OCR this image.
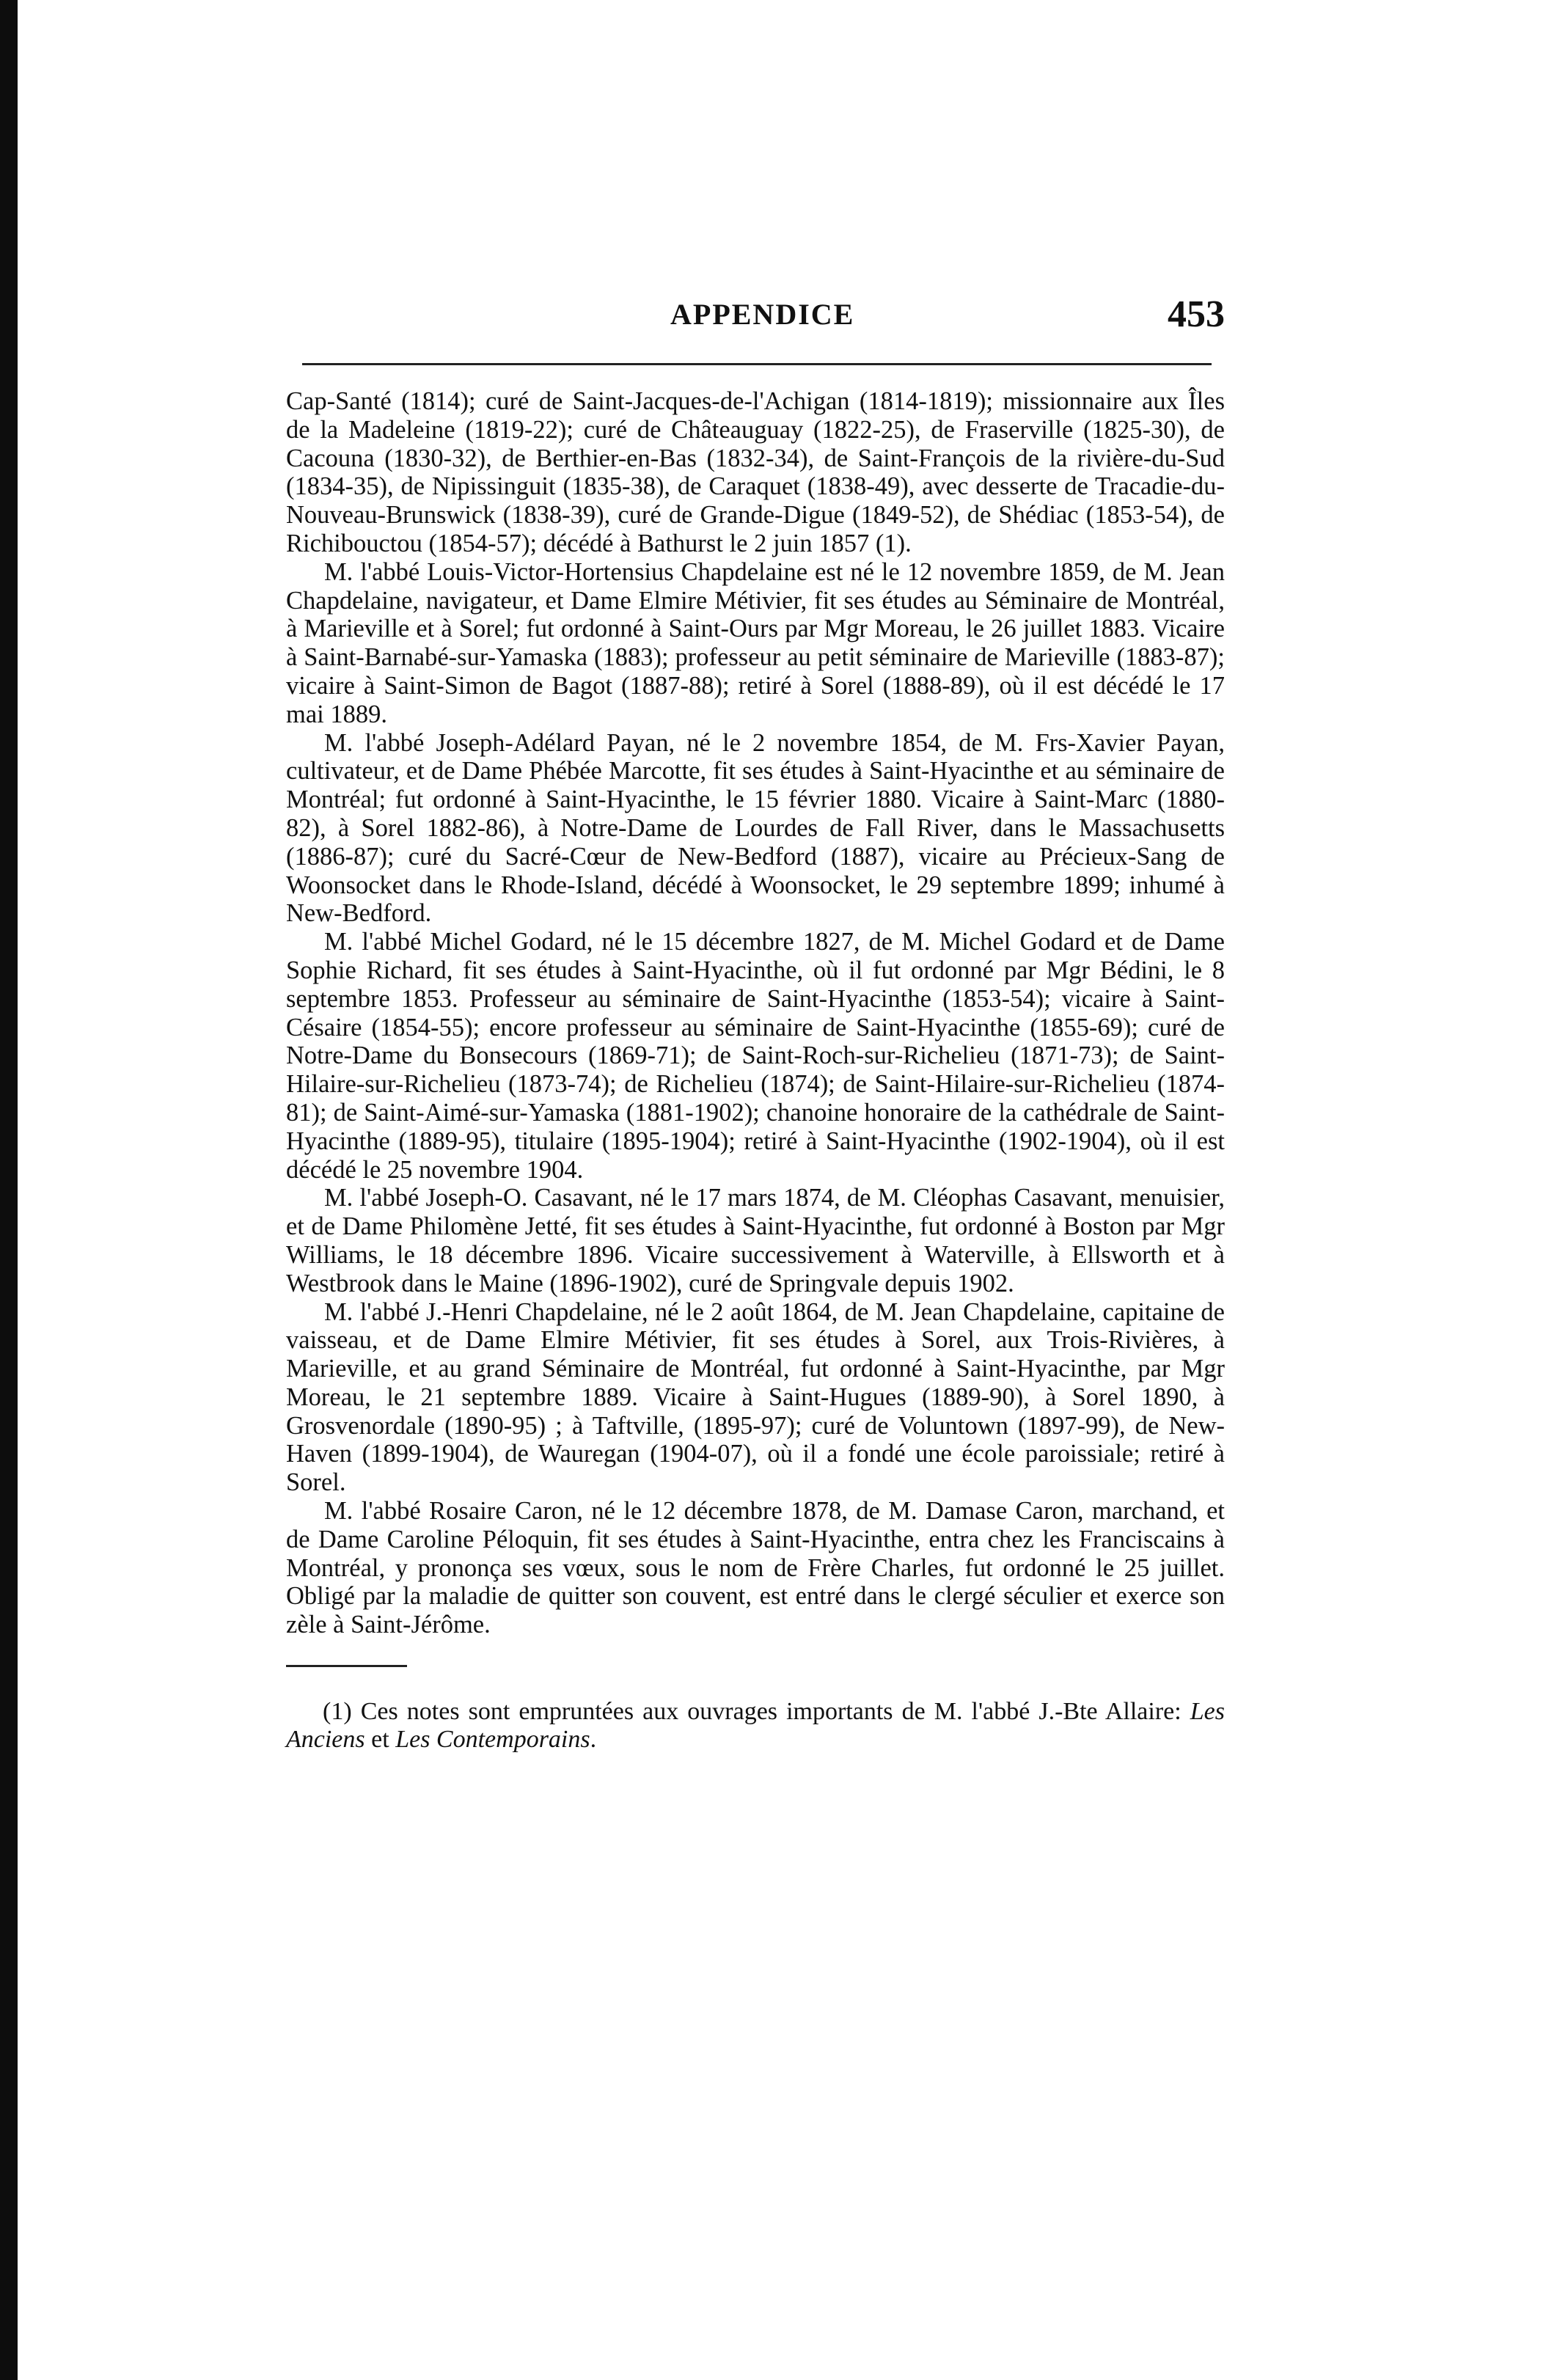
APPENDICE	453

Cap-Santé (1814); curé de Saint-Jacques-de-l'Achigan (1814-1819); missionnaire aux Îles de la Madeleine (1819-22); curé de Châteauguay (1822-25), de Fraserville (1825-30), de Cacouna (1830-32), de Berthier-en-Bas (1832-34), de Saint-François de la rivière-du-Sud (1834-35), de Nipissinguit (1835-38), de Caraquet (1838-49), avec desserte de Tracadie-du-Nouveau-Brunswick (1838-39), curé de Grande-Digue (1849-52), de Shédiac (1853-54), de Richibouctou (1854-57); décédé à Bathurst le 2 juin 1857 (1).

M. l'abbé Louis-Victor-Hortensius Chapdelaine est né le 12 novembre 1859, de M. Jean Chapdelaine, navigateur, et Dame Elmire Métivier, fit ses études au Séminaire de Montréal, à Marieville et à Sorel; fut ordonné à Saint-Ours par Mgr Moreau, le 26 juillet 1883. Vicaire à Saint-Barnabé-sur-Yamaska (1883); professeur au petit séminaire de Marieville (1883-87); vicaire à Saint-Simon de Bagot (1887-88); retiré à Sorel (1888-89), où il est décédé le 17 mai 1889.

M. l'abbé Joseph-Adélard Payan, né le 2 novembre 1854, de M. Frs-Xavier Payan, cultivateur, et de Dame Phébée Marcotte, fit ses études à Saint-Hyacinthe et au séminaire de Montréal; fut ordonné à Saint-Hyacinthe, le 15 février 1880. Vicaire à Saint-Marc (1880-82), à Sorel 1882-86), à Notre-Dame de Lourdes de Fall River, dans le Massachusetts (1886-87); curé du Sacré-Cœur de New-Bedford (1887), vicaire au Précieux-Sang de Woonsocket dans le Rhode-Island, décédé à Woonsocket, le 29 septembre 1899; inhumé à New-Bedford.

M. l'abbé Michel Godard, né le 15 décembre 1827, de M. Michel Godard et de Dame Sophie Richard, fit ses études à Saint-Hyacinthe, où il fut ordonné par Mgr Bédini, le 8 septembre 1853. Professeur au séminaire de Saint-Hyacinthe (1853-54); vicaire à Saint-Césaire (1854-55); encore professeur au séminaire de Saint-Hyacinthe (1855-69); curé de Notre-Dame du Bonsecours (1869-71); de Saint-Roch-sur-Richelieu (1871-73); de Saint-Hilaire-sur-Richelieu (1873-74); de Richelieu (1874); de Saint-Hilaire-sur-Richelieu (1874-81); de Saint-Aimé-sur-Yamaska (1881-1902); chanoine honoraire de la cathédrale de Saint-Hyacinthe (1889-95), titulaire (1895-1904); retiré à Saint-Hyacinthe (1902-1904), où il est décédé le 25 novembre 1904.

M. l'abbé Joseph-O. Casavant, né le 17 mars 1874, de M. Cléophas Casavant, menuisier, et de Dame Philomène Jetté, fit ses études à Saint-Hyacinthe, fut ordonné à Boston par Mgr Williams, le 18 décembre 1896. Vicaire successivement à Waterville, à Ellsworth et à Westbrook dans le Maine (1896-1902), curé de Springvale depuis 1902.

M. l'abbé J.-Henri Chapdelaine, né le 2 août 1864, de M. Jean Chapdelaine, capitaine de vaisseau, et de Dame Elmire Métivier, fit ses études à Sorel, aux Trois-Rivières, à Marieville, et au grand Séminaire de Montréal, fut ordonné à Saint-Hyacinthe, par Mgr Moreau, le 21 septembre 1889. Vicaire à Saint-Hugues (1889-90), à Sorel 1890, à Grosvenordale (1890-95) ; à Taftville, (1895-97); curé de Voluntown (1897-99), de New-Haven (1899-1904), de Wauregan (1904-07), où il a fondé une école paroissiale; retiré à Sorel.

M. l'abbé Rosaire Caron, né le 12 décembre 1878, de M. Damase Caron, marchand, et de Dame Caroline Péloquin, fit ses études à Saint-Hyacinthe, entra chez les Franciscains à Montréal, y prononça ses vœux, sous le nom de Frère Charles, fut ordonné le 25 juillet. Obligé par la maladie de quitter son couvent, est entré dans le clergé séculier et exerce son zèle à Saint-Jérôme.

(1) Ces notes sont empruntées aux ouvrages importants de M. l'abbé J.-Bte Allaire: Les Anciens et Les Contemporains.
